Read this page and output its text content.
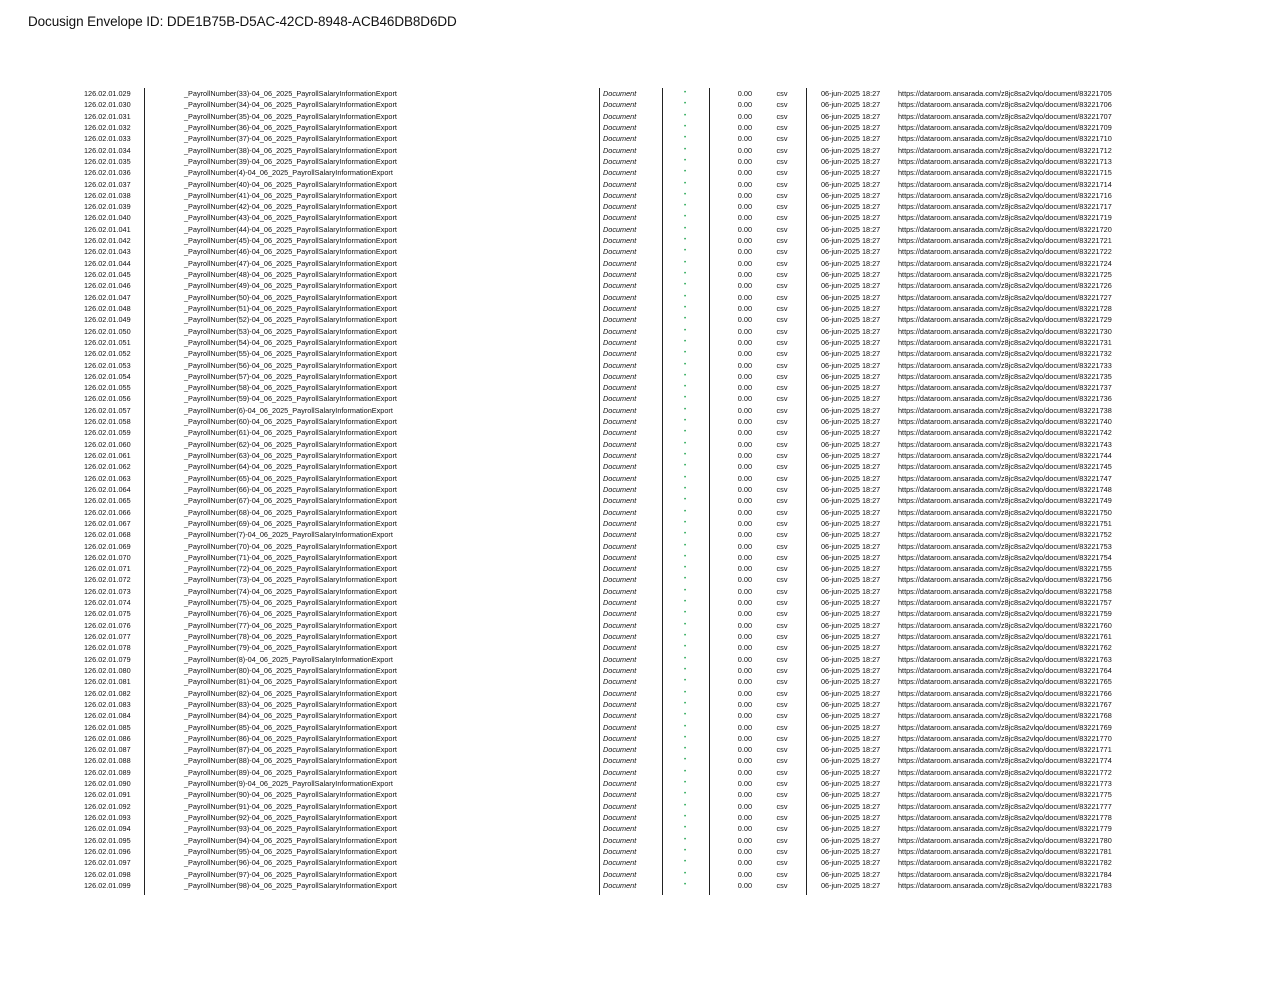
Docusign Envelope ID: DDE1B75B-D5AC-42CD-8948-ACB46DB8D6DD
126.02.01.029	_PayrollNumber(33)-04_06_2025_PayrollSalaryInformationExport	Document	•	0.00	csv	06-jun-2025 18:27 https://dataroom.ansarada.com/z8jc8sa2vlqo/document/83221705
126.02.01.030	_PayrollNumber(34)-04_06_2025_PayrollSalaryInformationExport	Document	•	0.00	csv	06-jun-2025 18:27 https://dataroom.ansarada.com/z8jc8sa2vlqo/document/83221706
126.02.01.031	_PayrollNumber(35)-04_06_2025_PayrollSalaryInformationExport	Document	•	0.00	csv	06-jun-2025 18:27 https://dataroom.ansarada.com/z8jc8sa2vlqo/document/83221707
126.02.01.032	_PayrollNumber(36)-04_06_2025_PayrollSalaryInformationExport	Document	•	0.00	csv	06-jun-2025 18:27 https://dataroom.ansarada.com/z8jc8sa2vlqo/document/83221709
126.02.01.033	_PayrollNumber(37)-04_06_2025_PayrollSalaryInformationExport	Document	•	0.00	csv	06-jun-2025 18:27 https://dataroom.ansarada.com/z8jc8sa2vlqo/document/83221710
126.02.01.034	_PayrollNumber(38)-04_06_2025_PayrollSalaryInformationExport	Document	•	0.00	csv	06-jun-2025 18:27 https://dataroom.ansarada.com/z8jc8sa2vlqo/document/83221712
126.02.01.035	_PayrollNumber(39)-04_06_2025_PayrollSalaryInformationExport	Document	•	0.00	csv	06-jun-2025 18:27 https://dataroom.ansarada.com/z8jc8sa2vlqo/document/83221713
126.02.01.036	_PayrollNumber(4)-04_06_2025_PayrollSalaryInformationExport	Document	•	0.00	csv	06-jun-2025 18:27 https://dataroom.ansarada.com/z8jc8sa2vlqo/document/83221715
126.02.01.037	_PayrollNumber(40)-04_06_2025_PayrollSalaryInformationExport	Document	•	0.00	csv	06-jun-2025 18:27 https://dataroom.ansarada.com/z8jc8sa2vlqo/document/83221714
126.02.01.038	_PayrollNumber(41)-04_06_2025_PayrollSalaryInformationExport	Document	•	0.00	csv	06-jun-2025 18:27 https://dataroom.ansarada.com/z8jc8sa2vlqo/document/83221716
126.02.01.039	_PayrollNumber(42)-04_06_2025_PayrollSalaryInformationExport	Document	•	0.00	csv	06-jun-2025 18:27 https://dataroom.ansarada.com/z8jc8sa2vlqo/document/83221717
126.02.01.040	_PayrollNumber(43)-04_06_2025_PayrollSalaryInformationExport	Document	•	0.00	csv	06-jun-2025 18:27 https://dataroom.ansarada.com/z8jc8sa2vlqo/document/83221719
126.02.01.041	_PayrollNumber(44)-04_06_2025_PayrollSalaryInformationExport	Document	•	0.00	csv	06-jun-2025 18:27 https://dataroom.ansarada.com/z8jc8sa2vlqo/document/83221720
126.02.01.042	_PayrollNumber(45)-04_06_2025_PayrollSalaryInformationExport	Document	•	0.00	csv	06-jun-2025 18:27 https://dataroom.ansarada.com/z8jc8sa2vlqo/document/83221721
126.02.01.043	_PayrollNumber(46)-04_06_2025_PayrollSalaryInformationExport	Document	•	0.00	csv	06-jun-2025 18:27 https://dataroom.ansarada.com/z8jc8sa2vlqo/document/83221722
126.02.01.044	_PayrollNumber(47)-04_06_2025_PayrollSalaryInformationExport	Document	•	0.00	csv	06-jun-2025 18:27 https://dataroom.ansarada.com/z8jc8sa2vlqo/document/83221724
126.02.01.045	_PayrollNumber(48)-04_06_2025_PayrollSalaryInformationExport	Document	•	0.00	csv	06-jun-2025 18:27 https://dataroom.ansarada.com/z8jc8sa2vlqo/document/83221725
126.02.01.046	_PayrollNumber(49)-04_06_2025_PayrollSalaryInformationExport	Document	•	0.00	csv	06-jun-2025 18:27 https://dataroom.ansarada.com/z8jc8sa2vlqo/document/83221726
126.02.01.047	_PayrollNumber(50)-04_06_2025_PayrollSalaryInformationExport	Document	•	0.00	csv	06-jun-2025 18:27 https://dataroom.ansarada.com/z8jc8sa2vlqo/document/83221727
126.02.01.048	_PayrollNumber(51)-04_06_2025_PayrollSalaryInformationExport	Document	•	0.00	csv	06-jun-2025 18:27 https://dataroom.ansarada.com/z8jc8sa2vlqo/document/83221728
126.02.01.049	_PayrollNumber(52)-04_06_2025_PayrollSalaryInformationExport	Document	•	0.00	csv	06-jun-2025 18:27 https://dataroom.ansarada.com/z8jc8sa2vlqo/document/83221729
126.02.01.050	_PayrollNumber(53)-04_06_2025_PayrollSalaryInformationExport	Document	•	0.00	csv	06-jun-2025 18:27 https://dataroom.ansarada.com/z8jc8sa2vlqo/document/83221730
126.02.01.051	_PayrollNumber(54)-04_06_2025_PayrollSalaryInformationExport	Document	•	0.00	csv	06-jun-2025 18:27 https://dataroom.ansarada.com/z8jc8sa2vlqo/document/83221731
126.02.01.052	_PayrollNumber(55)-04_06_2025_PayrollSalaryInformationExport	Document	•	0.00	csv	06-jun-2025 18:27 https://dataroom.ansarada.com/z8jc8sa2vlqo/document/83221732
126.02.01.053	_PayrollNumber(56)-04_06_2025_PayrollSalaryInformationExport	Document	•	0.00	csv	06-jun-2025 18:27 https://dataroom.ansarada.com/z8jc8sa2vlqo/document/83221733
126.02.01.054	_PayrollNumber(57)-04_06_2025_PayrollSalaryInformationExport	Document	•	0.00	csv	06-jun-2025 18:27 https://dataroom.ansarada.com/z8jc8sa2vlqo/document/83221735
126.02.01.055	_PayrollNumber(58)-04_06_2025_PayrollSalaryInformationExport	Document	•	0.00	csv	06-jun-2025 18:27 https://dataroom.ansarada.com/z8jc8sa2vlqo/document/83221737
126.02.01.056	_PayrollNumber(59)-04_06_2025_PayrollSalaryInformationExport	Document	•	0.00	csv	06-jun-2025 18:27 https://dataroom.ansarada.com/z8jc8sa2vlqo/document/83221736
126.02.01.057	_PayrollNumber(6)-04_06_2025_PayrollSalaryInformationExport	Document	•	0.00	csv	06-jun-2025 18:27 https://dataroom.ansarada.com/z8jc8sa2vlqo/document/83221738
126.02.01.058	_PayrollNumber(60)-04_06_2025_PayrollSalaryInformationExport	Document	•	0.00	csv	06-jun-2025 18:27 https://dataroom.ansarada.com/z8jc8sa2vlqo/document/83221740
126.02.01.059	_PayrollNumber(61)-04_06_2025_PayrollSalaryInformationExport	Document	•	0.00	csv	06-jun-2025 18:27 https://dataroom.ansarada.com/z8jc8sa2vlqo/document/83221742
126.02.01.060	_PayrollNumber(62)-04_06_2025_PayrollSalaryInformationExport	Document	•	0.00	csv	06-jun-2025 18:27 https://dataroom.ansarada.com/z8jc8sa2vlqo/document/83221743
126.02.01.061	_PayrollNumber(63)-04_06_2025_PayrollSalaryInformationExport	Document	•	0.00	csv	06-jun-2025 18:27 https://dataroom.ansarada.com/z8jc8sa2vlqo/document/83221744
126.02.01.062	_PayrollNumber(64)-04_06_2025_PayrollSalaryInformationExport	Document	•	0.00	csv	06-jun-2025 18:27 https://dataroom.ansarada.com/z8jc8sa2vlqo/document/83221745
126.02.01.063	_PayrollNumber(65)-04_06_2025_PayrollSalaryInformationExport	Document	•	0.00	csv	06-jun-2025 18:27 https://dataroom.ansarada.com/z8jc8sa2vlqo/document/83221747
126.02.01.064	_PayrollNumber(66)-04_06_2025_PayrollSalaryInformationExport	Document	•	0.00	csv	06-jun-2025 18:27 https://dataroom.ansarada.com/z8jc8sa2vlqo/document/83221748
126.02.01.065	_PayrollNumber(67)-04_06_2025_PayrollSalaryInformationExport	Document	•	0.00	csv	06-jun-2025 18:27 https://dataroom.ansarada.com/z8jc8sa2vlqo/document/83221749
126.02.01.066	_PayrollNumber(68)-04_06_2025_PayrollSalaryInformationExport	Document	•	0.00	csv	06-jun-2025 18:27 https://dataroom.ansarada.com/z8jc8sa2vlqo/document/83221750
126.02.01.067	_PayrollNumber(69)-04_06_2025_PayrollSalaryInformationExport	Document	•	0.00	csv	06-jun-2025 18:27 https://dataroom.ansarada.com/z8jc8sa2vlqo/document/83221751
126.02.01.068	_PayrollNumber(7)-04_06_2025_PayrollSalaryInformationExport	Document	•	0.00	csv	06-jun-2025 18:27 https://dataroom.ansarada.com/z8jc8sa2vlqo/document/83221752
126.02.01.069	_PayrollNumber(70)-04_06_2025_PayrollSalaryInformationExport	Document	•	0.00	csv	06-jun-2025 18:27 https://dataroom.ansarada.com/z8jc8sa2vlqo/document/83221753
126.02.01.070	_PayrollNumber(71)-04_06_2025_PayrollSalaryInformationExport	Document	•	0.00	csv	06-jun-2025 18:27 https://dataroom.ansarada.com/z8jc8sa2vlqo/document/83221754
126.02.01.071	_PayrollNumber(72)-04_06_2025_PayrollSalaryInformationExport	Document	•	0.00	csv	06-jun-2025 18:27 https://dataroom.ansarada.com/z8jc8sa2vlqo/document/83221755
126.02.01.072	_PayrollNumber(73)-04_06_2025_PayrollSalaryInformationExport	Document	•	0.00	csv	06-jun-2025 18:27 https://dataroom.ansarada.com/z8jc8sa2vlqo/document/83221756
126.02.01.073	_PayrollNumber(74)-04_06_2025_PayrollSalaryInformationExport	Document	•	0.00	csv	06-jun-2025 18:27 https://dataroom.ansarada.com/z8jc8sa2vlqo/document/83221758
126.02.01.074	_PayrollNumber(75)-04_06_2025_PayrollSalaryInformationExport	Document	•	0.00	csv	06-jun-2025 18:27 https://dataroom.ansarada.com/z8jc8sa2vlqo/document/83221757
126.02.01.075	_PayrollNumber(76)-04_06_2025_PayrollSalaryInformationExport	Document	•	0.00	csv	06-jun-2025 18:27 https://dataroom.ansarada.com/z8jc8sa2vlqo/document/83221759
126.02.01.076	_PayrollNumber(77)-04_06_2025_PayrollSalaryInformationExport	Document	•	0.00	csv	06-jun-2025 18:27 https://dataroom.ansarada.com/z8jc8sa2vlqo/document/83221760
126.02.01.077	_PayrollNumber(78)-04_06_2025_PayrollSalaryInformationExport	Document	•	0.00	csv	06-jun-2025 18:27 https://dataroom.ansarada.com/z8jc8sa2vlqo/document/83221761
126.02.01.078	_PayrollNumber(79)-04_06_2025_PayrollSalaryInformationExport	Document	•	0.00	csv	06-jun-2025 18:27 https://dataroom.ansarada.com/z8jc8sa2vlqo/document/83221762
126.02.01.079	_PayrollNumber(8)-04_06_2025_PayrollSalaryInformationExport	Document	•	0.00	csv	06-jun-2025 18:27 https://dataroom.ansarada.com/z8jc8sa2vlqo/document/83221763
126.02.01.080	_PayrollNumber(80)-04_06_2025_PayrollSalaryInformationExport	Document	•	0.00	csv	06-jun-2025 18:27 https://dataroom.ansarada.com/z8jc8sa2vlqo/document/83221764
126.02.01.081	_PayrollNumber(81)-04_06_2025_PayrollSalaryInformationExport	Document	•	0.00	csv	06-jun-2025 18:27 https://dataroom.ansarada.com/z8jc8sa2vlqo/document/83221765
126.02.01.082	_PayrollNumber(82)-04_06_2025_PayrollSalaryInformationExport	Document	•	0.00	csv	06-jun-2025 18:27 https://dataroom.ansarada.com/z8jc8sa2vlqo/document/83221766
126.02.01.083	_PayrollNumber(83)-04_06_2025_PayrollSalaryInformationExport	Document	•	0.00	csv	06-jun-2025 18:27 https://dataroom.ansarada.com/z8jc8sa2vlqo/document/83221767
126.02.01.084	_PayrollNumber(84)-04_06_2025_PayrollSalaryInformationExport	Document	•	0.00	csv	06-jun-2025 18:27 https://dataroom.ansarada.com/z8jc8sa2vlqo/document/83221768
126.02.01.085	_PayrollNumber(85)-04_06_2025_PayrollSalaryInformationExport	Document	•	0.00	csv	06-jun-2025 18:27 https://dataroom.ansarada.com/z8jc8sa2vlqo/document/83221769
126.02.01.086	_PayrollNumber(86)-04_06_2025_PayrollSalaryInformationExport	Document	•	0.00	csv	06-jun-2025 18:27 https://dataroom.ansarada.com/z8jc8sa2vlqo/document/83221770
126.02.01.087	_PayrollNumber(87)-04_06_2025_PayrollSalaryInformationExport	Document	•	0.00	csv	06-jun-2025 18:27 https://dataroom.ansarada.com/z8jc8sa2vlqo/document/83221771
126.02.01.088	_PayrollNumber(88)-04_06_2025_PayrollSalaryInformationExport	Document	•	0.00	csv	06-jun-2025 18:27 https://dataroom.ansarada.com/z8jc8sa2vlqo/document/83221774
126.02.01.089	_PayrollNumber(89)-04_06_2025_PayrollSalaryInformationExport	Document	•	0.00	csv	06-jun-2025 18:27 https://dataroom.ansarada.com/z8jc8sa2vlqo/document/83221772
126.02.01.090	_PayrollNumber(9)-04_06_2025_PayrollSalaryInformationExport	Document	•	0.00	csv	06-jun-2025 18:27 https://dataroom.ansarada.com/z8jc8sa2vlqo/document/83221773
126.02.01.091	_PayrollNumber(90)-04_06_2025_PayrollSalaryInformationExport	Document	•	0.00	csv	06-jun-2025 18:27 https://dataroom.ansarada.com/z8jc8sa2vlqo/document/83221775
126.02.01.092	_PayrollNumber(91)-04_06_2025_PayrollSalaryInformationExport	Document	•	0.00	csv	06-jun-2025 18:27 https://dataroom.ansarada.com/z8jc8sa2vlqo/document/83221777
126.02.01.093	_PayrollNumber(92)-04_06_2025_PayrollSalaryInformationExport	Document	•	0.00	csv	06-jun-2025 18:27 https://dataroom.ansarada.com/z8jc8sa2vlqo/document/83221778
126.02.01.094	_PayrollNumber(93)-04_06_2025_PayrollSalaryInformationExport	Document	•	0.00	csv	06-jun-2025 18:27 https://dataroom.ansarada.com/z8jc8sa2vlqo/document/83221779
126.02.01.095	_PayrollNumber(94)-04_06_2025_PayrollSalaryInformationExport	Document	•	0.00	csv	06-jun-2025 18:27 https://dataroom.ansarada.com/z8jc8sa2vlqo/document/83221780
126.02.01.096	_PayrollNumber(95)-04_06_2025_PayrollSalaryInformationExport	Document	•	0.00	csv	06-jun-2025 18:27 https://dataroom.ansarada.com/z8jc8sa2vlqo/document/83221781
126.02.01.097	_PayrollNumber(96)-04_06_2025_PayrollSalaryInformationExport	Document	•	0.00	csv	06-jun-2025 18:27 https://dataroom.ansarada.com/z8jc8sa2vlqo/document/83221782
126.02.01.098	_PayrollNumber(97)-04_06_2025_PayrollSalaryInformationExport	Document	•	0.00	csv	06-jun-2025 18:27 https://dataroom.ansarada.com/z8jc8sa2vlqo/document/83221784
126.02.01.099	_PayrollNumber(98)-04_06_2025_PayrollSalaryInformationExport	Document	•	0.00	csv	06-jun-2025 18:27 https://dataroom.ansarada.com/z8jc8sa2vlqo/document/83221783
